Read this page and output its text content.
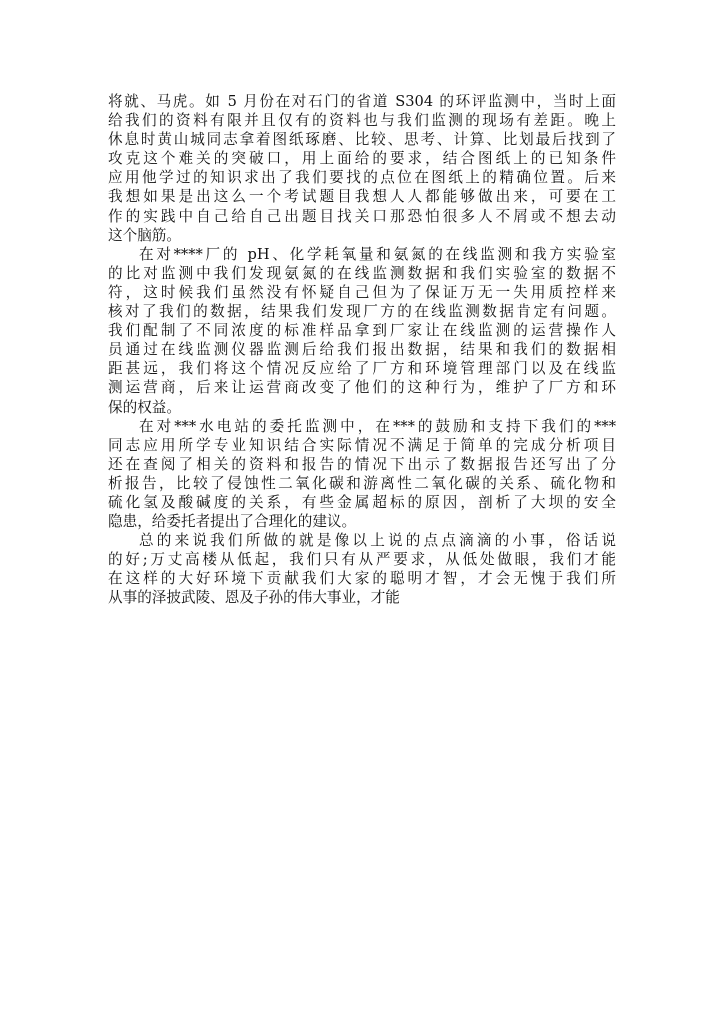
将就、马虎。如 5 月份在对石门的省道 S304 的环评监测中，当时上面
给我们的资料有限并且仅有的资料也与我们监测的现场有差距。晚上
休息时黄山城同志拿着图纸琢磨、比较、思考、计算、比划最后找到了
攻克这个难关的突破口，用上面给的要求，结合图纸上的已知条件
应用他学过的知识求出了我们要找的点位在图纸上的精确位置。后来
我想如果是出这么一个考试题目我想人人都能够做出来，可要在工
作的实践中自己给自己出题目找关口那恐怕很多人不屑或不想去动
这个脑筋。
在对****厂的 pH、化学耗氧量和氨氮的在线监测和我方实验室
的比对监测中我们发现氨氮的在线监测数据和我们实验室的数据不
符，这时候我们虽然没有怀疑自己但为了保证万无一失用质控样来
核对了我们的数据，结果我们发现厂方的在线监测数据肯定有问题。
我们配制了不同浓度的标准样品拿到厂家让在线监测的运营操作人
员通过在线监测仪器监测后给我们报出数据，结果和我们的数据相
距甚远，我们将这个情况反应给了厂方和环境管理部门以及在线监
测运营商，后来让运营商改变了他们的这种行为，维护了厂方和环
保的权益。
在对***水电站的委托监测中，在***的鼓励和支持下我们的***
同志应用所学专业知识结合实际情况不满足于简单的完成分析项目
还在查阅了相关的资料和报告的情况下出示了数据报告还写出了分
析报告，比较了侵蚀性二氧化碳和游离性二氧化碳的关系、硫化物和
硫化氢及酸碱度的关系，有些金属超标的原因，剖析了大坝的安全
隐患，给委托者提出了合理化的建议。
总的来说我们所做的就是像以上说的点点滴滴的小事，俗话说
的好;万丈高楼从低起，我们只有从严要求，从低处做眼，我们才能
在这样的大好环境下贡献我们大家的聪明才智，才会无愧于我们所
从事的泽披武陵、恩及子孙的伟大事业，才能
